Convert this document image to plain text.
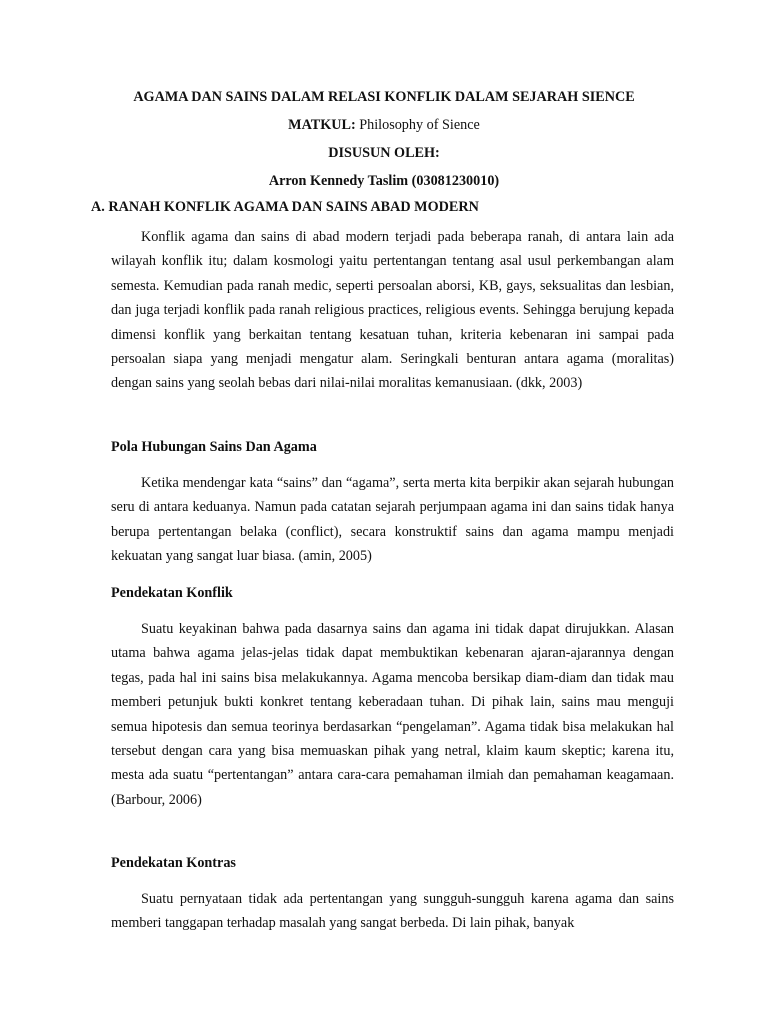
AGAMA DAN SAINS DALAM RELASI KONFLIK DALAM SEJARAH SIENCE
MATKUL: Philosophy of Sience
DISUSUN OLEH:
Arron Kennedy Taslim (03081230010)
A. RANAH KONFLIK AGAMA DAN SAINS ABAD MODERN

Konflik agama dan sains di abad modern terjadi pada beberapa ranah, di antara lain ada wilayah konflik itu; dalam kosmologi yaitu pertentangan tentang asal usul perkembangan alam semesta. Kemudian pada ranah medic, seperti persoalan aborsi, KB, gays, seksualitas dan lesbian, dan juga terjadi konflik pada ranah religious practices, religious events. Sehingga berujung kepada dimensi konflik yang berkaitan tentang kesatuan tuhan, kriteria kebenaran ini sampai pada persoalan siapa yang menjadi mengatur alam. Seringkali benturan antara agama (moralitas) dengan sains yang seolah bebas dari nilai-nilai moralitas kemanusiaan. (dkk, 2003)

Pola Hubungan Sains Dan Agama

Ketika mendengar kata “sains” dan “agama”, serta merta kita berpikir akan sejarah hubungan seru di antara keduanya. Namun pada catatan sejarah perjumpaan agama ini dan sains tidak hanya berupa pertentangan belaka (conflict), secara konstruktif sains dan agama mampu menjadi kekuatan yang sangat luar biasa. (amin, 2005)

Pendekatan Konflik

Suatu keyakinan bahwa pada dasarnya sains dan agama ini tidak dapat dirujukkan. Alasan utama bahwa agama jelas-jelas tidak dapat membuktikan kebenaran ajaran-ajarannya dengan tegas, pada hal ini sains bisa melakukannya. Agama mencoba bersikap diam-diam dan tidak mau memberi petunjuk bukti konkret tentang keberadaan tuhan. Di pihak lain, sains mau menguji semua hipotesis dan semua teorinya berdasarkan “pengelaman”. Agama tidak bisa melakukan hal tersebut dengan cara yang bisa memuaskan pihak yang netral, klaim kaum skeptic; karena itu, mesta ada suatu “pertentangan” antara cara-cara pemahaman ilmiah dan pemahaman keagamaan. (Barbour, 2006)

Pendekatan Kontras

Suatu pernyataan tidak ada pertentangan yang sungguh-sungguh karena agama dan sains memberi tanggapan terhadap masalah yang sangat berbeda. Di lain pihak, banyak
